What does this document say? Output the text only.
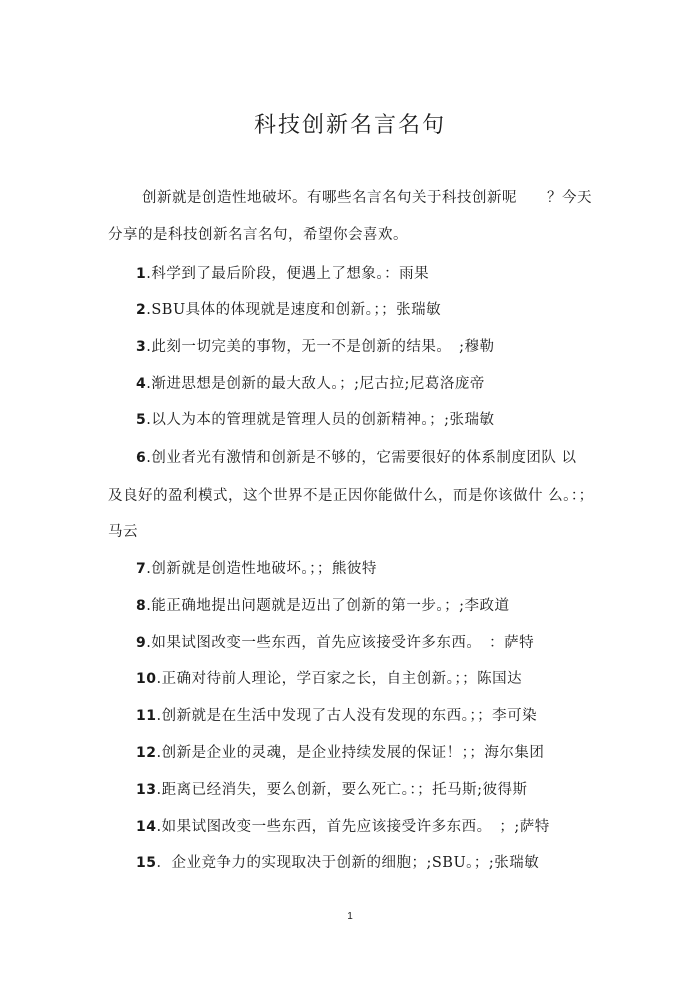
科技创新名言名句
创新就是创造性地破坏。有哪些名言名句关于科技创新呢　　？今天
分享的是科技创新名言名句，希望你会喜欢。
1.科学到了最后阶段，便遇上了想象。：雨果
2.SBU具体的体现就是速度和创新。；；张瑞敏
3.此刻一切完美的事物，无一不是创新的结果。　;穆勒
4.渐进思想是创新的最大敌人。；;尼古拉;尼葛洛庞帝
5.以人为本的管理就是管理人员的创新精神。；;张瑞敏
6.创业者光有激情和创新是不够的，它需要很好的体系制度团队 以
及良好的盈利模式，这个世界不是正因你能做什么，而是你该做什 么。：；
马云
7.创新就是创造性地破坏。；；熊彼特
8.能正确地提出问题就是迈出了创新的第一步。；;李政道
9.如果试图改变一些东西，首先应该接受许多东西。　：萨特
10.正确对待前人理论，学百家之长，自主创新。；；陈国达
11.创新就是在生活中发现了古人没有发现的东西。；；李可染
12.创新是企业的灵魂，是企业持续发展的保证！；；海尔集团
13.距离已经消失，要么创新，要么死亡。：；托马斯;彼得斯
14.如果试图改变一些东西，首先应该接受许多东西。　；;萨特
15．企业竞争力的实现取决于创新的细胞；;SBU。；;张瑞敏
1
